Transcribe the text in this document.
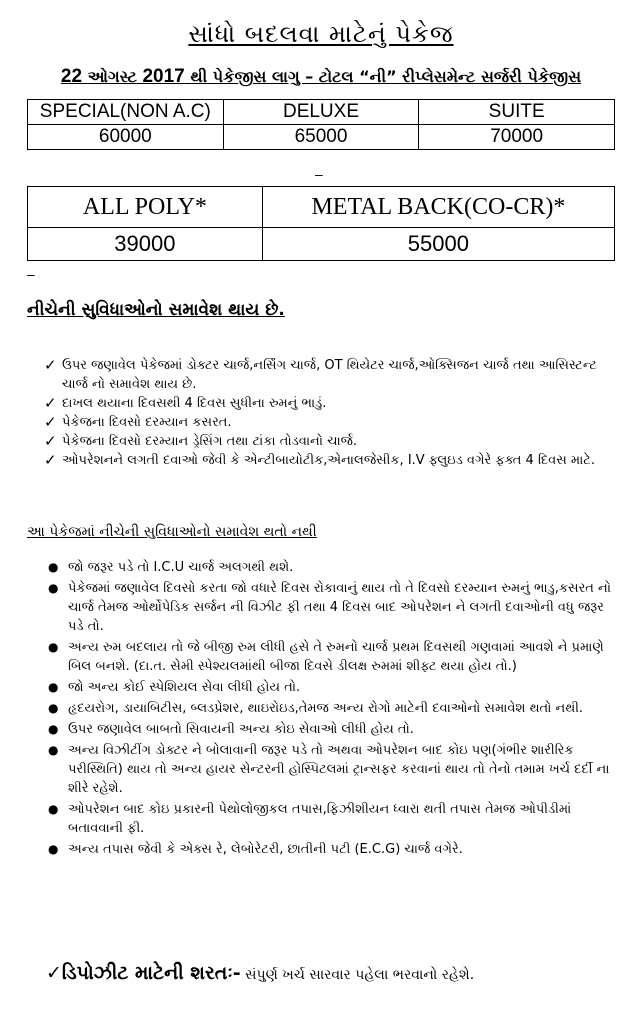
સાંધો બદલવા માટેનું પેકેજ
22 ઓગસ્ટ 2017 થી પેકેજીસ લાગુ – ટોટલ “ની” રીપ્લેસમેન્ટ સર્જરી પેકેજીસ
SPECIAL(NON A.C)	DELUXE	SUITE
60000	65000	70000
–
ALL POLY*	METAL BACK(CO-CR)*
39000	55000
–
નીચેની સુવિધાઓનો સમાવેશ થાય છે.
✓ ઉપર જણાવેલ પેકેજમાં ડોક્ટર ચાર્જ,નર્સિંગ ચાર્જ, OT થિયેટર ચાર્જ,ઓક્સિજન ચાર્જ તથા આસિસ્ટન્ટ ચાર્જ નો સમાવેશ થાય છે.
✓ દાખલ થયાના દિવસથી 4 દિવસ સુધીના રુમનું ભાડું.
✓ પેકેજના દિવસો દરમ્યાન કસરત.
✓ પેકેજના દિવસો દરમ્યાન ડ્રેસિંગ તથા ટાંકા તોડવાનો ચાર્જ.
✓ ઓપરેશનને લગતી દવાઓ જેવી કે એન્ટીબાયોટીક,એનાલજેસીક, I.V ફ્લુઇડ વગેરે ફક્ત 4 દિવસ માટે.
આ પેકેજમાં નીચેની સુવિધાઓનો સમાવેશ થતો નથી
● જો જરૂર પડે તો I.C.U ચાર્જ અલગથી થશે.
● પેકેજમાં જણાવેલ દિવસો કરતા જો વધારે દિવસ રોકાવાનું થાય તો તે દિવસો દરમ્યાન રુમનું ભાડુ,કસરત નો ચાર્જ તેમજ ઓર્થોપેડિક સર્જન ની વિઝીટ ફી તથા 4 દિવસ બાદ ઓપરેશન ને લગતી દવાઓની વધુ જરૂર પડે તો.
● અન્ય રુમ બદલાય તો જે બીજી રુમ લીધી હસે તે રુમનો ચાર્જ પ્રથમ દિવસથી ગણવામાં આવશે ને પ્રમાણે બિલ બનશે. (દા.ત. સેમી સ્પેશ્યલમાંથી બીજા દિવસે ડીલક્ષ રુમમાં શીફ્ટ થયા હોય તો.)
● જો અન્ય કોઈ સ્પેશિયલ સેવા લીધી હોય તો.
● હૃદયરોગ, ડાયાબિટીસ, બ્લડપ્રેશર, થાઇરોઇડ,તેમજ અન્ય રોગો માટેની દવાઓનો સમાવેશ થતો નથી.
● ઉપર જણાવેલ બાબતો સિવાયની અન્ય કોઇ સેવાઓ લીધી હોય તો.
● અન્ય વિઝીટીંગ ડોક્ટર ને બોલાવાની જરૂર પડે તો અથવા ઓપરેશન બાદ કોઇ પણ(ગંભીર શારીરિક પરીસ્થિતિ) થાય તો અન્ય હાયર સેન્ટરની હોસ્પિટલમાં ટ્રાન્સફર કરવાનાં થાય તો તેનો તમામ ખર્ચ દર્દી ના શીરે રહેશે.
● ઓપરેશન બાદ કોઇ પ્રકારની પેથોલોજીકલ તપાસ,ફિઝીશીયન ધ્વારા થતી તપાસ તેમજ ઓપીડીમાં બતાવવાની ફી.
● અન્ય તપાસ જેવી કે એક્સ રે, લેબોરેટરી, છાતીની પટી (E.C.G) ચાર્જ વગેરે.
✓ડિપોઝીટ માટેની શરતઃ- સંપુર્ણ ખર્ચ સારવાર પહેલા ભરવાનો રહેશે.
